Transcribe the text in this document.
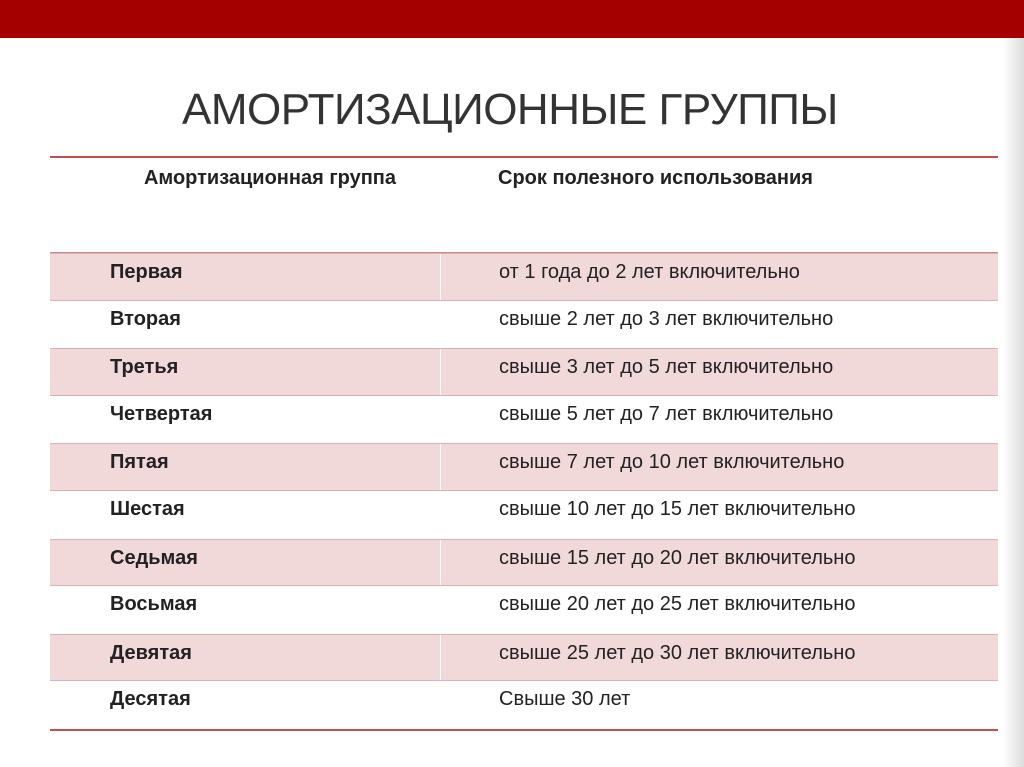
АМОРТИЗАЦИОННЫЕ ГРУППЫ
Амортизационная группа	Срок полезного использования
Первая	от 1 года до 2 лет включительно
Вторая	свыше 2 лет до 3 лет включительно
Третья	свыше 3 лет до 5 лет включительно
Четвертая	свыше 5 лет до 7 лет включительно
Пятая	свыше 7 лет до 10 лет включительно
Шестая	свыше 10 лет до 15 лет включительно
Седьмая	свыше 15 лет до 20 лет включительно
Восьмая	свыше 20 лет до 25 лет включительно
Девятая	свыше 25 лет до 30 лет включительно
Десятая	Свыше 30 лет
